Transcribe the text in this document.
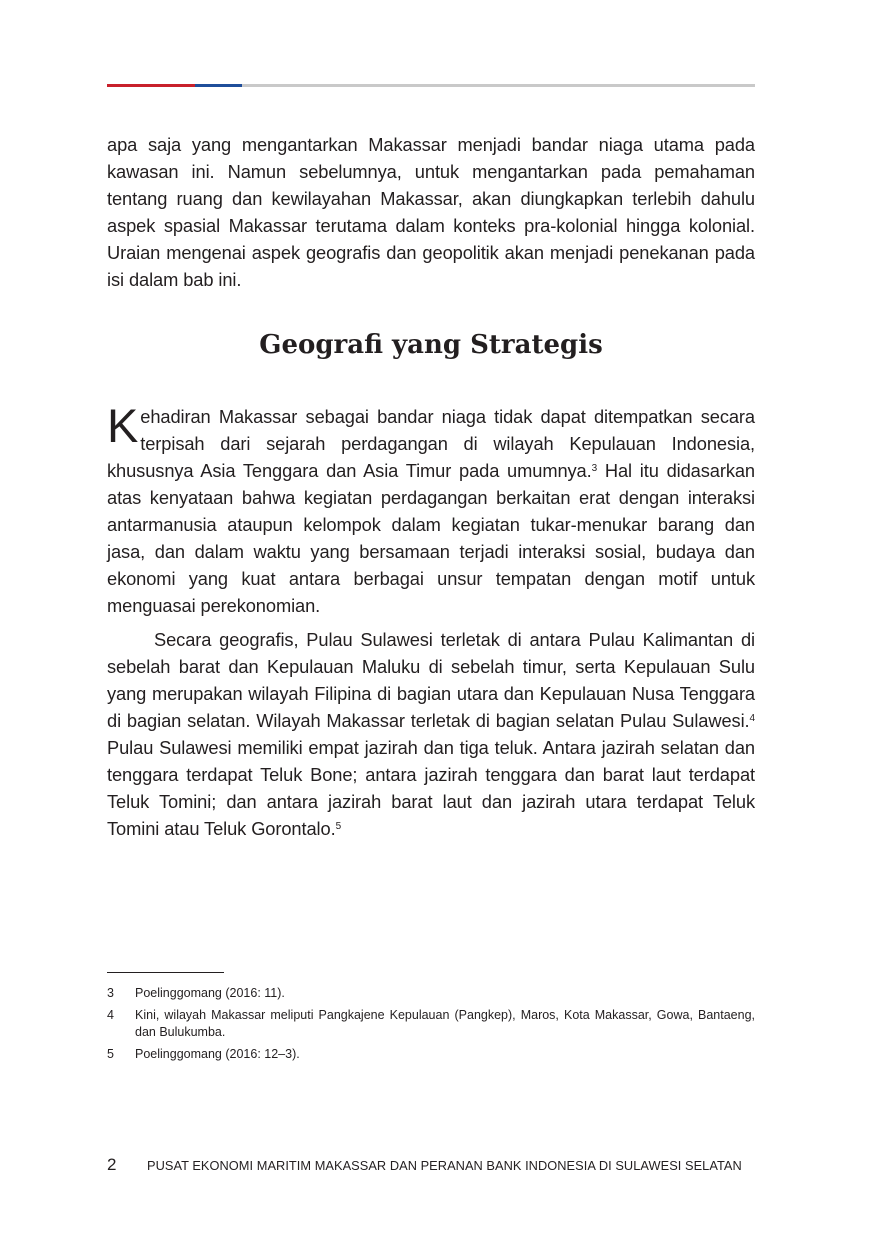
apa saja yang mengantarkan Makassar menjadi bandar niaga utama pada kawasan ini. Namun sebelumnya, untuk mengantarkan pada pemahaman tentang ruang dan kewilayahan Makassar, akan diungkapkan terlebih dahulu aspek spasial Makassar terutama dalam konteks pra-kolonial hingga kolonial. Uraian mengenai aspek geografis dan geopolitik akan menjadi penekanan pada isi dalam bab ini.

Geografi yang Strategis

Kehadiran Makassar sebagai bandar niaga tidak dapat ditempatkan secara terpisah dari sejarah perdagangan di wilayah Kepulauan Indonesia, khususnya Asia Tenggara dan Asia Timur pada umumnya.$^3$ Hal itu didasarkan atas kenyataan bahwa kegiatan perdagangan berkaitan erat dengan interaksi antarmanusia ataupun kelompok dalam kegiatan tukar-menukar barang dan jasa, dan dalam waktu yang bersamaan terjadi interaksi sosial, budaya dan ekonomi yang kuat antara berbagai unsur tempatan dengan motif untuk menguasai perekonomian.

Secara geografis, Pulau Sulawesi terletak di antara Pulau Kalimantan di sebelah barat dan Kepulauan Maluku di sebelah timur, serta Kepulauan Sulu yang merupakan wilayah Filipina di bagian utara dan Kepulauan Nusa Tenggara di bagian selatan. Wilayah Makassar terletak di bagian selatan Pulau Sulawesi.$^4$ Pulau Sulawesi memiliki empat jazirah dan tiga teluk. Antara jazirah selatan dan tenggara terdapat Teluk Bone; antara jazirah tenggara dan barat laut terdapat Teluk Tomini; dan antara jazirah barat laut dan jazirah utara terdapat Teluk Tomini atau Teluk Gorontalo.$^5$

3	Poelinggomang (2016: 11).
4	Kini, wilayah Makassar meliputi Pangkajene Kepulauan (Pangkep), Maros, Kota Makassar, Gowa, Bantaeng, dan Bulukumba.
5	Poelinggomang (2016: 12–3).
2	PUSAT EKONOMI MARITIM MAKASSAR DAN PERANAN BANK INDONESIA DI SULAWESI SELATAN
